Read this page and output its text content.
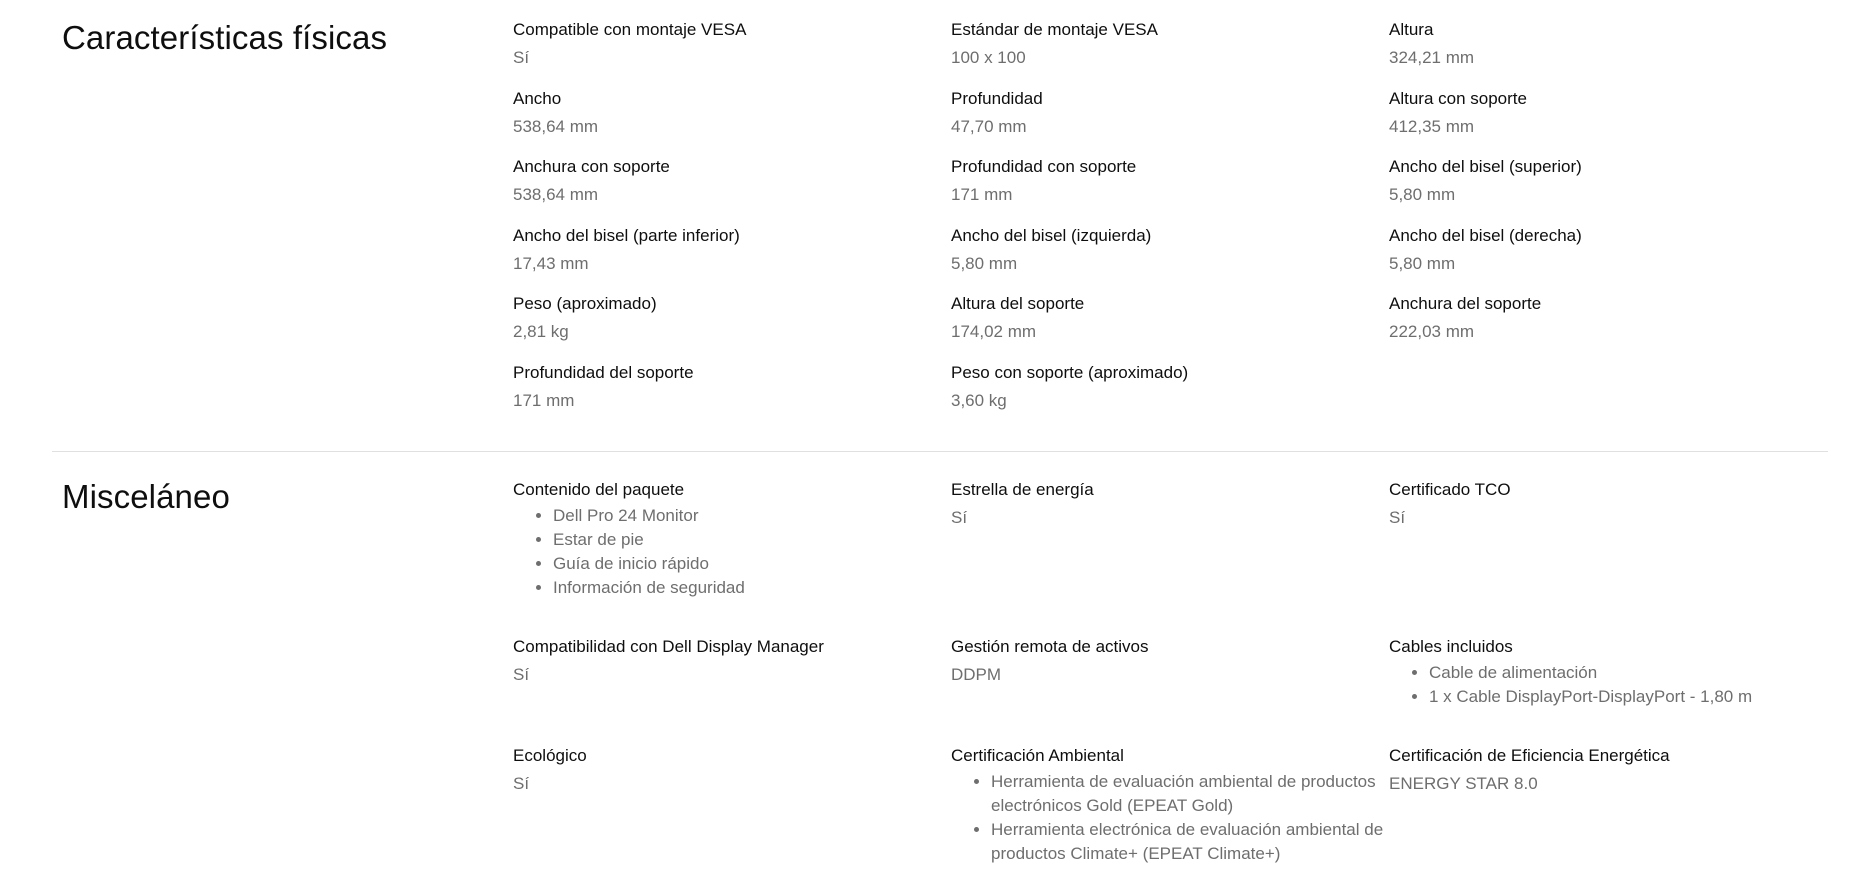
Características físicas	Compatible con montaje VESA
Sí
Estándar de montaje VESA
100 x 100
Altura
324,21 mm
Ancho
538,64 mm
Profundidad
47,70 mm
Altura con soporte
412,35 mm
Anchura con soporte
538,64 mm
Profundidad con soporte
171 mm
Ancho del bisel (superior)
5,80 mm
Ancho del bisel (parte inferior)
17,43 mm
Ancho del bisel (izquierda)
5,80 mm
Ancho del bisel (derecha)
5,80 mm
Peso (aproximado)
2,81 kg
Altura del soporte
174,02 mm
Anchura del soporte
222,03 mm
Profundidad del soporte
171 mm
Peso con soporte (aproximado)
3,60 kg
Misceláneo	Contenido del paquete
• Dell Pro 24 Monitor
• Estar de pie
• Guía de inicio rápido
• Información de seguridad
Estrella de energía
Sí
Certificado TCO
Sí
Compatibilidad con Dell Display Manager
Sí
Gestión remota de activos
DDPM
Cables incluidos
• Cable de alimentación
• 1 x Cable DisplayPort-DisplayPort - 1,80 m
Ecológico
Sí
Certificación Ambiental
• Herramienta de evaluación ambiental de productos electrónicos Gold (EPEAT Gold)
• Herramienta electrónica de evaluación ambiental de productos Climate+ (EPEAT Climate+)
Certificación de Eficiencia Energética
ENERGY STAR 8.0
